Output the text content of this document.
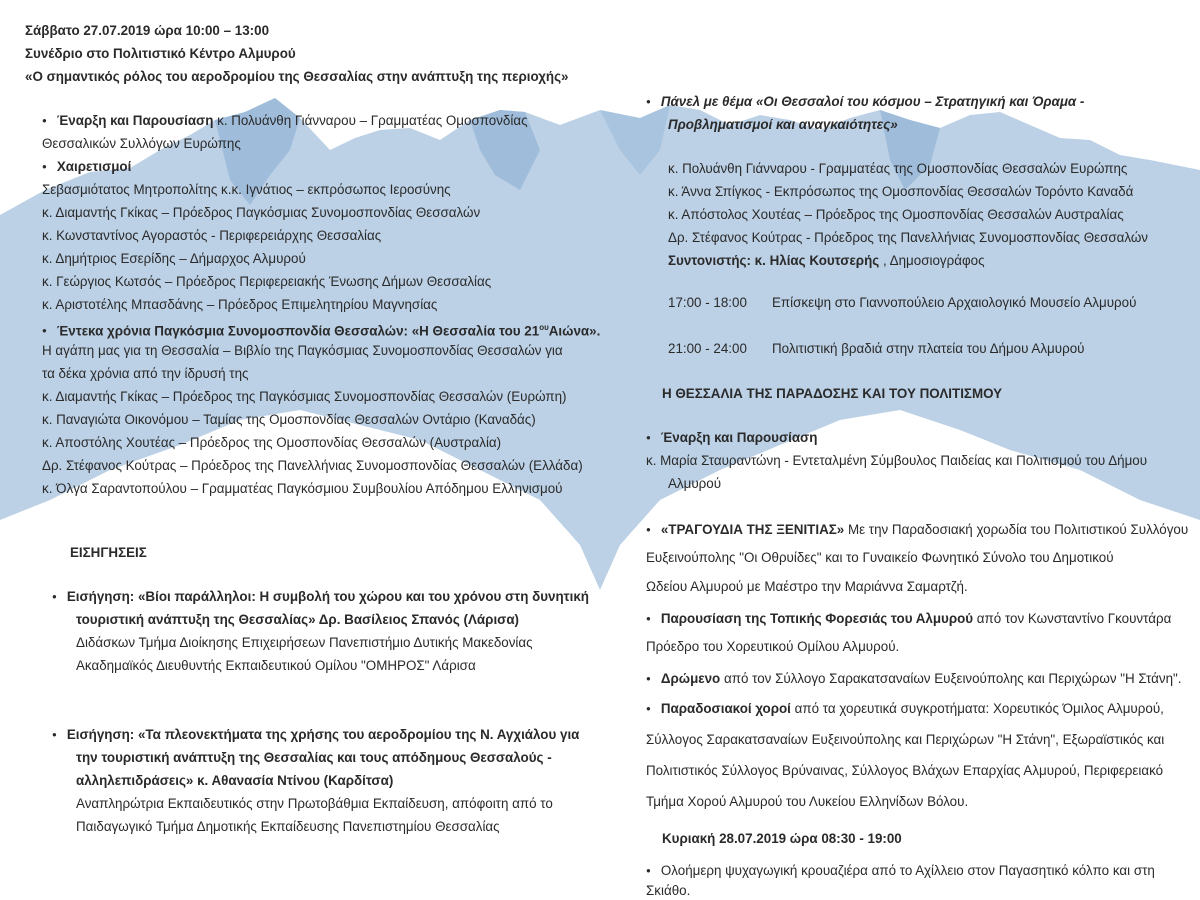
Σάββατο 27.07.2019 ώρα 10:00 – 13:00
Συνέδριο στο Πολιτιστικό Κέντρο Αλμυρού
«Ο σημαντικός ρόλος του αεροδρομίου της Θεσσαλίας στην ανάπτυξη της περιοχής»
● Έναρξη και Παρουσίαση κ. Πολυάνθη Γιάνναρου – Γραμματέας Ομοσπονδίας
Θεσσαλικών Συλλόγων Ευρώπης
● Χαιρετισμοί
Σεβασμιότατος Μητροπολίτης κ.κ. Ιγνάτιος – εκπρόσωπος Ιεροσύνης
κ. Διαμαντής Γκίκας – Πρόεδρος Παγκόσμιας Συνομοσπονδίας Θεσσαλών
κ. Κωνσταντίνος Αγοραστός - Περιφερειάρχης Θεσσαλίας
κ. Δημήτριος Εσερίδης – Δήμαρχος Αλμυρού
κ. Γεώργιος Κωτσός – Πρόεδρος Περιφερειακής Ένωσης Δήμων Θεσσαλίας
κ. Αριστοτέλης Μπασδάνης – Πρόεδρος Επιμελητηρίου Μαγνησίας
● Έντεκα χρόνια Παγκόσμια Συνομοσπονδία Θεσσαλών: «Η Θεσσαλία του $21^{o\upsilon}A\iota ώ\nu\alpha$».
Η αγάπη μας για τη Θεσσαλία – Βιβλίο της Παγκόσμιας Συνομοσπονδίας Θεσσαλών για
τα δέκα χρόνια από την ίδρυσή της
κ. Διαμαντής Γκίκας – Πρόεδρος της Παγκόσμιας Συνομοσπονδίας Θεσσαλών (Ευρώπη)
κ. Παναγιώτα Οικονόμου – Ταμίας της Ομοσπονδίας Θεσσαλών Οντάριο (Καναδάς)
κ. Αποστόλης Χουτέας – Πρόεδρος της Ομοσπονδίας Θεσσαλών (Αυστραλία)
Δρ. Στέφανος Κούτρας – Πρόεδρος της Πανελλήνιας Συνομοσπονδίας Θεσσαλών (Ελλάδα)
κ. Όλγα Σαραντοπούλου – Γραμματέας Παγκόσμιου Συμβουλίου Απόδημου Ελληνισμού
ΕΙΣΗΓΗΣΕΙΣ
● Εισήγηση: «Βίοι παράλληλοι: Η συμβολή του χώρου και του χρόνου στη δυνητική
τουριστική ανάπτυξη της Θεσσαλίας» Δρ. Βασίλειος Σπανός (Λάρισα)
Διδάσκων Τμήμα Διοίκησης Επιχειρήσεων Πανεπιστήμιο Δυτικής Μακεδονίας
Ακαδημαϊκός Διευθυντής Εκπαιδευτικού Ομίλου "ΟΜΗΡΟΣ" Λάρισα
● Εισήγηση: «Τα πλεονεκτήματα της χρήσης του αεροδρομίου της Ν. Αγχιάλου για
την τουριστική ανάπτυξη της Θεσσαλίας και τους απόδημους Θεσσαλούς -
αλληλεπιδράσεις» κ. Αθανασία Ντίνου (Καρδίτσα)
Αναπληρώτρια Εκπαιδευτικός στην Πρωτοβάθμια Εκπαίδευση, απόφοιτη από το
Παιδαγωγικό Τμήμα Δημοτικής Εκπαίδευσης Πανεπιστημίου Θεσσαλίας
● Πάνελ με θέμα «Οι Θεσσαλοί του κόσμου – Στρατηγική και Όραμα -
Προβληματισμοί και αναγκαιότητες»
κ. Πολυάνθη Γιάνναρου - Γραμματέας της Ομοσπονδίας Θεσσαλών Ευρώπης
κ. Άννα Σπίγκος - Εκπρόσωπος της Ομοσπονδίας Θεσσαλών Τορόντο Καναδά
κ. Απόστολος Χουτέας – Πρόεδρος της Ομοσπονδίας Θεσσαλών Αυστραλίας
Δρ. Στέφανος Κούτρας - Πρόεδρος της Πανελλήνιας Συνομοσπονδίας Θεσσαλών
Συντονιστής: κ. Ηλίας Κουτσερής , Δημοσιογράφος
17:00 - 18:00 Επίσκεψη στο Γιαννοπούλειο Αρχαιολογικό Μουσείο Αλμυρού
21:00 - 24:00 Πολιτιστική βραδιά στην πλατεία του Δήμου Αλμυρού
Η ΘΕΣΣΑΛΙΑ ΤΗΣ ΠΑΡΑΔΟΣΗΣ ΚΑΙ ΤΟΥ ΠΟΛΙΤΙΣΜΟΥ
● Έναρξη και Παρουσίαση
κ. Μαρία Σταυραντώνη - Εντεταλμένη Σύμβουλος Παιδείας και Πολιτισμού του Δήμου
Αλμυρού
● «ΤΡΑΓΟΥΔΙΑ ΤΗΣ ΞΕΝΙΤΙΑΣ» Με την Παραδοσιακή χορωδία του Πολιτιστικού Συλλόγου
Ευξεινούπολης "Οι Οθρυίδες" και το Γυναικείο Φωνητικό Σύνολο του Δημοτικού
Ωδείου Αλμυρού με Μαέστρο την Μαριάννα Σαμαρτζή.
● Παρουσίαση της Τοπικής Φορεσιάς του Αλμυρού από τον Κωνσταντίνο Γκουντάρα
Πρόεδρο του Χορευτικού Ομίλου Αλμυρού.
● Δρώμενο από τον Σύλλογο Σαρακατσαναίων Ευξεινούπολης και Περιχώρων "Η Στάνη".
● Παραδοσιακοί χοροί από τα χορευτικά συγκροτήματα: Χορευτικός Όμιλος Αλμυρού,
Σύλλογος Σαρακατσαναίων Ευξεινούπολης και Περιχώρων "Η Στάνη", Εξωραϊστικός και
Πολιτιστικός Σύλλογος Βρύναινας, Σύλλογος Βλάχων Επαρχίας Αλμυρού, Περιφερειακό
Τμήμα Χορού Αλμυρού του Λυκείου Ελληνίδων Βόλου.
Κυριακή 28.07.2019 ώρα 08:30 - 19:00
● Ολοήμερη ψυχαγωγική κρουαζιέρα από το Αχίλλειο στον Παγασητικό κόλπο και στη
Σκιάθο.
